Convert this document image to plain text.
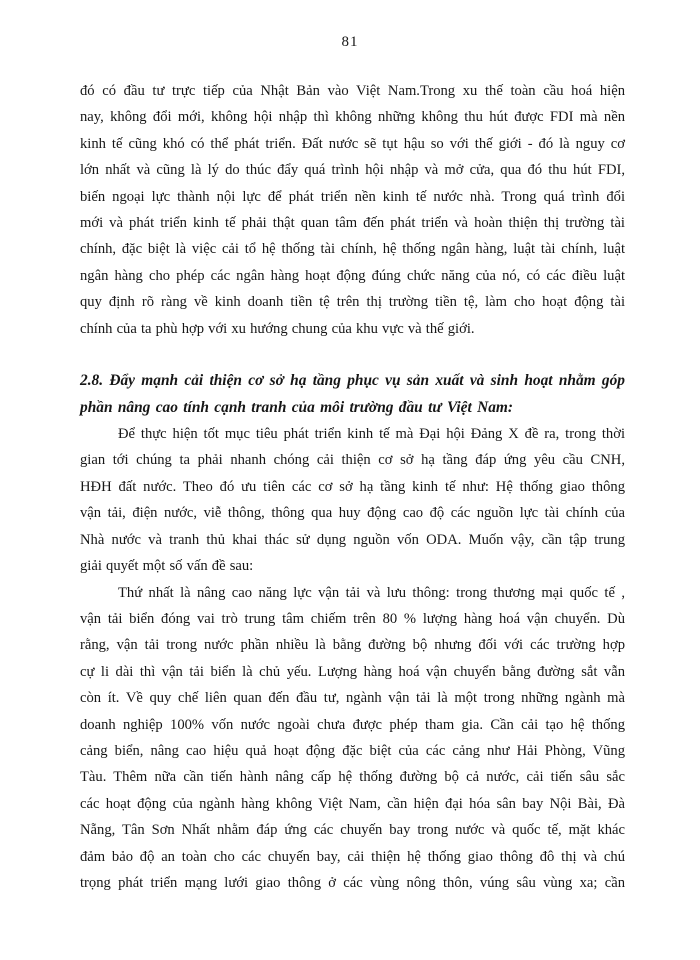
81
đó có đầu tư trực tiếp của Nhật Bản vào Việt Nam.Trong xu thế toàn cầu hoá hiện
nay, không đổi mới, không hội nhập thì không những không thu hút được FDI mà nền
kinh tế cũng khó có thể phát triển. Đất nước sẽ tụt hậu so với thế giới - đó là nguy cơ
lớn nhất và cũng là lý do thúc đẩy quá trình hội nhập và mở cửa, qua đó thu hút FDI,
biến ngoại lực thành nội lực để phát triển nền kinh tế nước nhà. Trong quá trình đổi
mới và phát triển kinh tế phải thật quan tâm đến phát triển và hoàn thiện thị trường tài
chính, đặc biệt là việc cải tổ hệ thống tài chính, hệ thống ngân hàng, luật tài chính, luật
ngân hàng cho phép các ngân hàng hoạt động đúng chức năng của nó, có các điều luật
quy định rõ ràng về kinh doanh tiền tệ trên thị trường tiền tệ, làm cho hoạt động tài
chính của ta phù hợp với xu hướng chung của khu vực và thế giới.
2.8. Đẩy mạnh cải thiện cơ sở hạ tầng phục vụ sản xuất và sinh hoạt nhằm góp
phần nâng cao tính cạnh tranh của môi trường đầu tư Việt Nam:
Để thực hiện tốt mục tiêu phát triển kinh tế mà Đại hội Đảng X đề ra, trong thời
gian tới chúng ta phải nhanh chóng cải thiện cơ sở hạ tầng đáp ứng yêu cầu CNH,
HĐH đất nước. Theo đó ưu tiên các cơ sở hạ tầng kinh tế như: Hệ thống giao thông
vận tải, điện nước, viễ thông, thông qua huy động cao độ các nguồn lực tài chính của
Nhà nước và tranh thủ khai thác sử dụng nguồn vốn ODA. Muốn vậy, cần tập trung
giải quyết một số vấn đề sau:
Thứ nhất là nâng cao năng lực vận tải và lưu thông: trong thương mại quốc tế ,
vận tải biển đóng vai trò trung tâm chiếm trên 80 % lượng hàng hoá vận chuyển. Dù
rằng, vận tải trong nước phần nhiều là bằng đường bộ nhưng đối với các trường hợp
cự li dài thì vận tải biển là chủ yếu. Lượng hàng hoá vận chuyển bằng đường sắt vẫn
còn ít. Về quy chế liên quan đến đầu tư, ngành vận tải là một trong những ngành mà
doanh nghiệp 100% vốn nước ngoài chưa được phép tham gia. Cần cải tạo hệ thống
cảng biển, nâng cao hiệu quả hoạt động đặc biệt của các cảng như Hải Phòng, Vũng
Tàu. Thêm nữa cần tiến hành nâng cấp hệ thống đường bộ cả nước, cải tiến sâu sắc
các hoạt động của ngành hàng không Việt Nam, cần hiện đại hóa sân bay Nội Bài, Đà
Nẵng, Tân Sơn Nhất nhằm đáp ứng các chuyến bay trong nước và quốc tế, mặt khác
đảm bảo độ an toàn cho các chuyến bay, cải thiện hệ thống giao thông đô thị và chú
trọng phát triển mạng lưới giao thông ở các vùng nông thôn, vúng sâu vùng xa; cần
